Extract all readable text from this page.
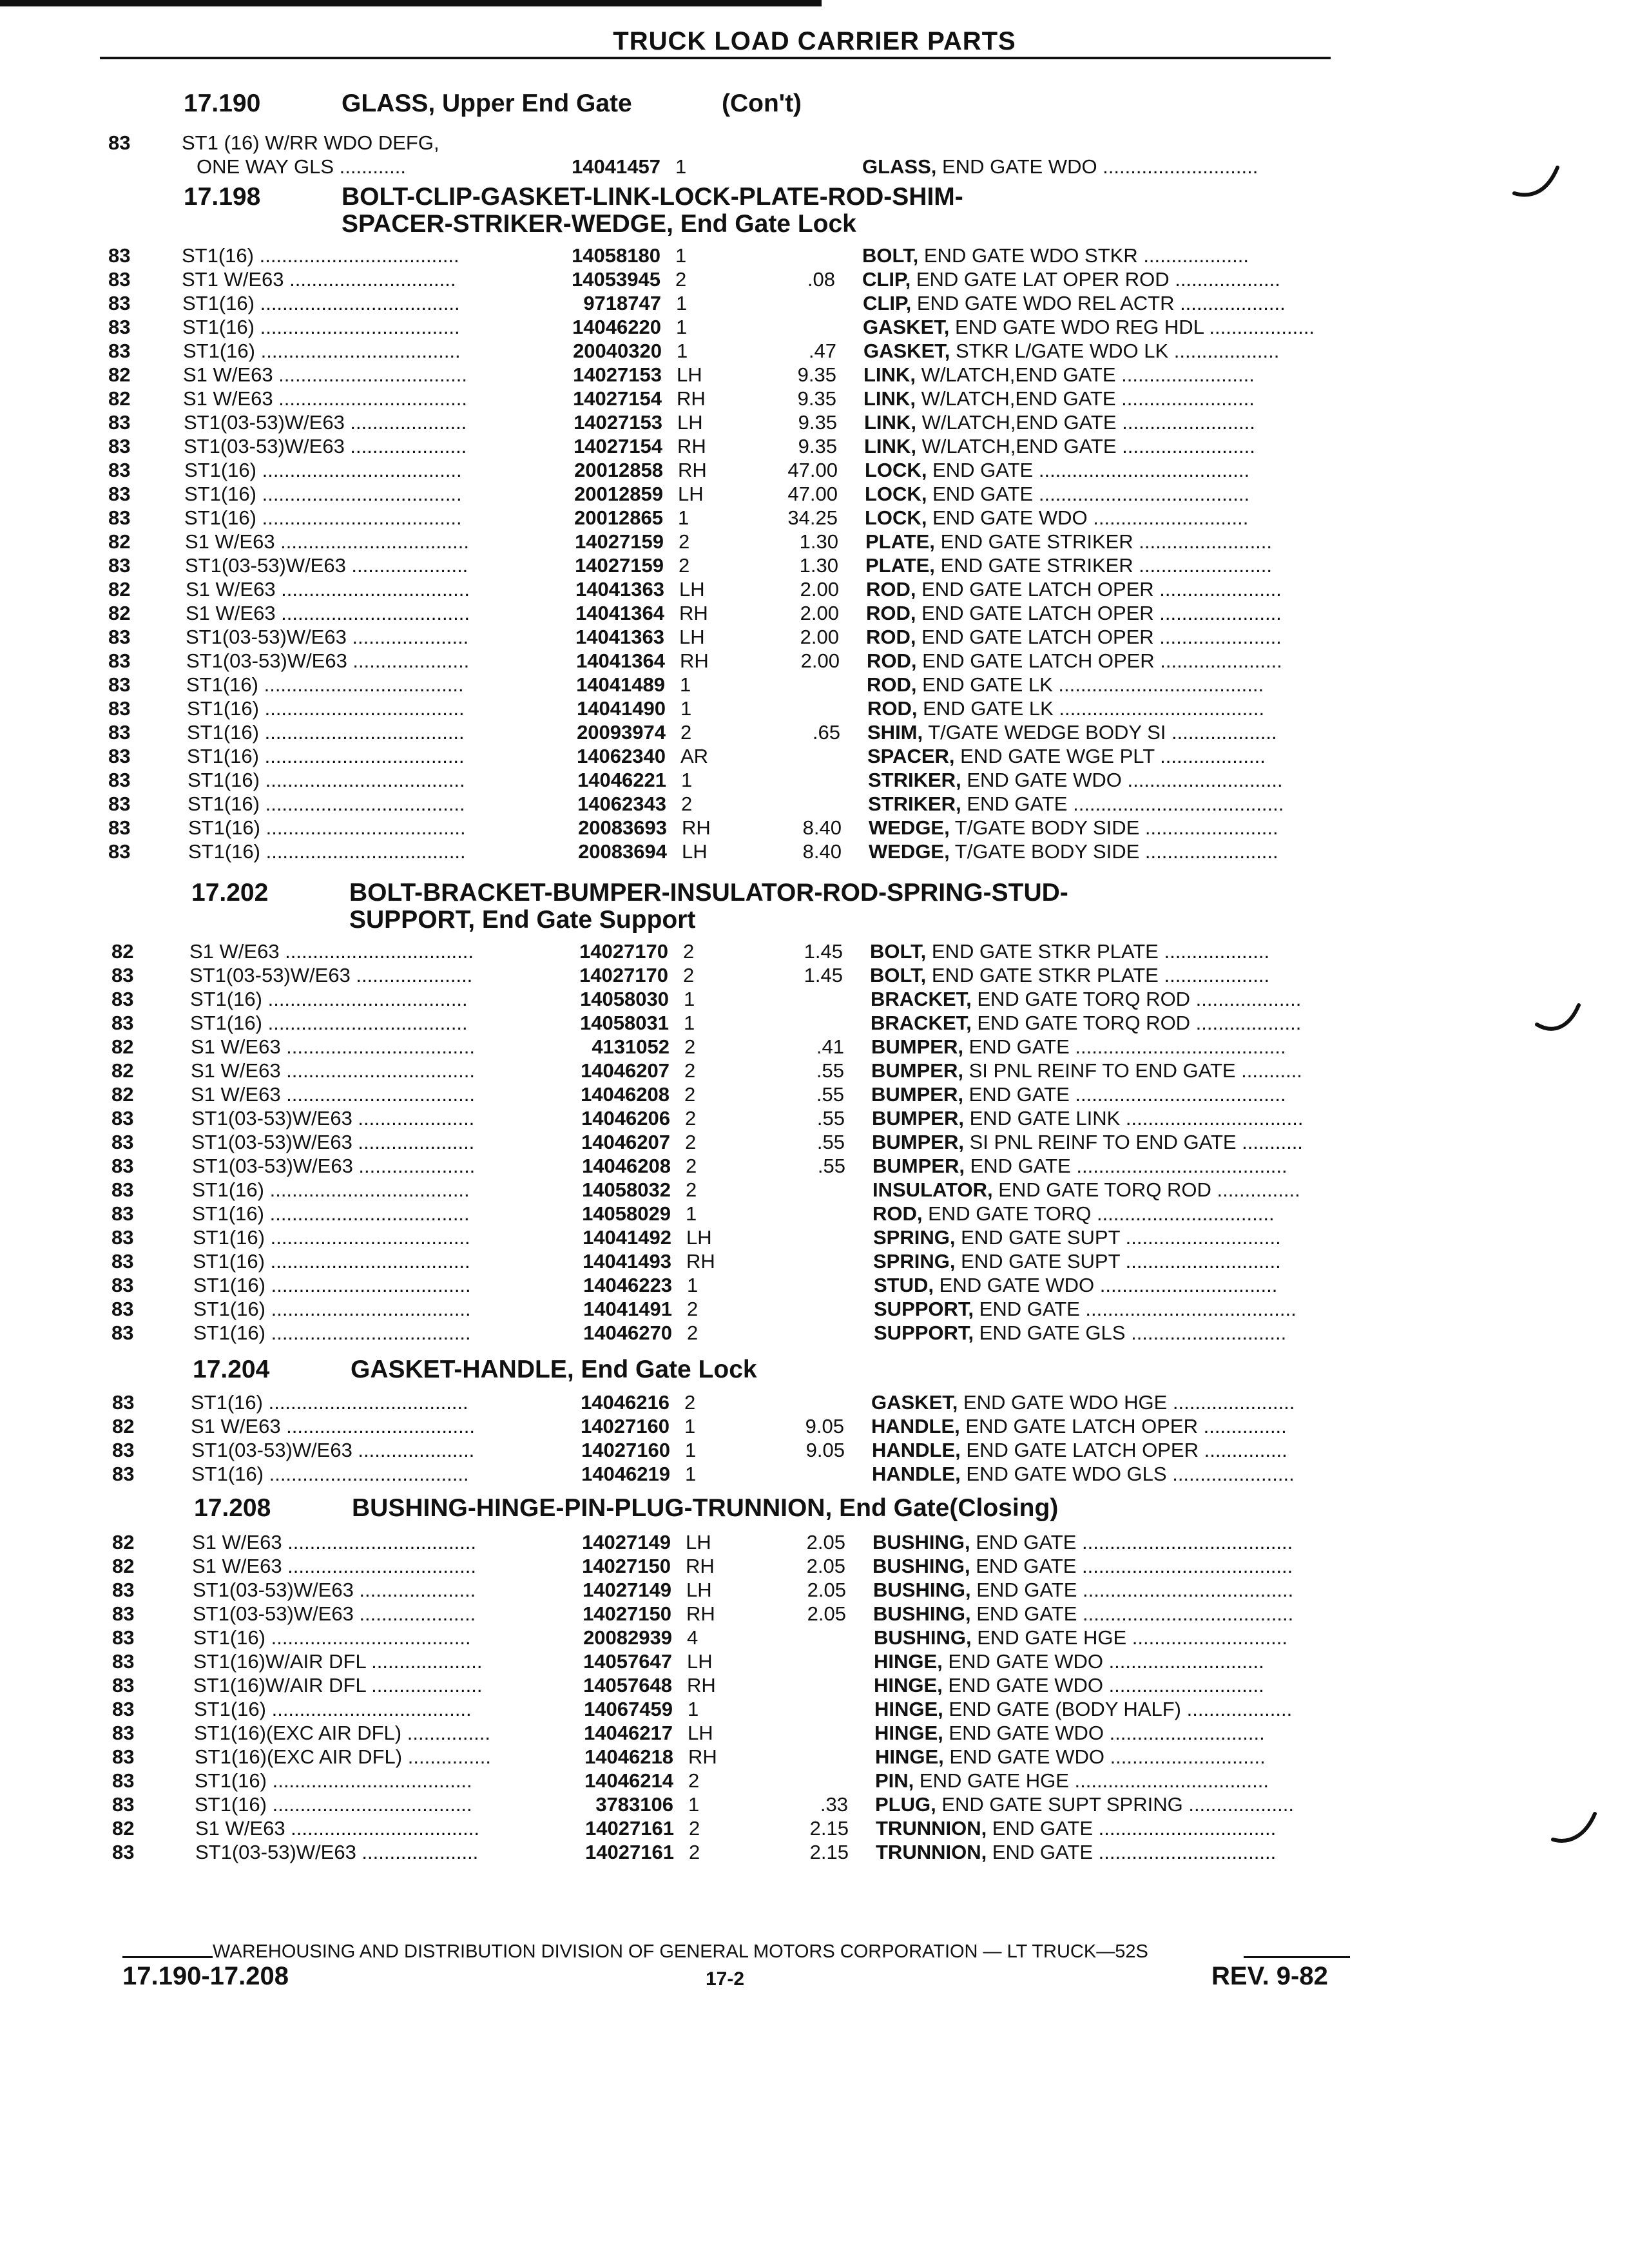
TRUCK LOAD CARRIER PARTS
17.190	GLASS, Upper End Gate	(Con't)
83	ST1 (16) W/RR WDO DEFG,
ONE WAY GLS ............	14041457 1	GLASS, END GATE WDO ............................
17.198	BOLT-CLIP-GASKET-LINK-LOCK-PLATE-ROD-SHIM-
SPACER-STRIKER-WEDGE, End Gate Lock
83	ST1(16) ....................................	14058180 1	BOLT, END GATE WDO STKR ...................
83	ST1 W/E63 ..............................	14053945 2	.08 CLIP, END GATE LAT OPER ROD ...................
83	ST1(16) ....................................	9718747 1	CLIP, END GATE WDO REL ACTR ...................
83	ST1(16) ....................................	14046220 1	GASKET, END GATE WDO REG HDL ...................
83	ST1(16) ....................................	20040320 1	.47 GASKET, STKR L/GATE WDO LK ...................
82	S1 W/E63 ..................................	14027153 LH	9.35 LINK, W/LATCH,END GATE ........................
82	S1 W/E63 ..................................	14027154 RH	9.35 LINK, W/LATCH,END GATE ........................
83	ST1(03-53)W/E63 .....................	14027153 LH	9.35 LINK, W/LATCH,END GATE ........................
83	ST1(03-53)W/E63 .....................	14027154 RH	9.35 LINK, W/LATCH,END GATE ........................
83	ST1(16) ....................................	20012858 RH	47.00 LOCK, END GATE ......................................
83	ST1(16) ....................................	20012859 LH	47.00 LOCK, END GATE ......................................
83	ST1(16) ....................................	20012865 1	34.25 LOCK, END GATE WDO ............................
82	S1 W/E63 ..................................	14027159 2	1.30 PLATE, END GATE STRIKER ........................
83	ST1(03-53)W/E63 .....................	14027159 2	1.30 PLATE, END GATE STRIKER ........................
82	S1 W/E63 ..................................	14041363 LH	2.00 ROD, END GATE LATCH OPER ......................
82	S1 W/E63 ..................................	14041364 RH	2.00 ROD, END GATE LATCH OPER ......................
83	ST1(03-53)W/E63 .....................	14041363 LH	2.00 ROD, END GATE LATCH OPER ......................
83	ST1(03-53)W/E63 .....................	14041364 RH	2.00 ROD, END GATE LATCH OPER ......................
83	ST1(16) ....................................	14041489 1	ROD, END GATE LK .....................................
83	ST1(16) ....................................	14041490 1	ROD, END GATE LK .....................................
83	ST1(16) ....................................	20093974 2	.65 SHIM, T/GATE WEDGE BODY SI ...................
83	ST1(16) ....................................	14062340 AR	SPACER, END GATE WGE PLT ...................
83	ST1(16) ....................................	14046221 1	STRIKER, END GATE WDO ............................
83	ST1(16) ....................................	14062343 2	STRIKER, END GATE ......................................
83	ST1(16) ....................................	20083693 RH	8.40 WEDGE, T/GATE BODY SIDE ........................
83	ST1(16) ....................................	20083694 LH	8.40 WEDGE, T/GATE BODY SIDE ........................
17.202	BOLT-BRACKET-BUMPER-INSULATOR-ROD-SPRING-STUD-
SUPPORT, End Gate Support
82	S1 W/E63 ..................................	14027170 2	1.45 BOLT, END GATE STKR PLATE ...................
83	ST1(03-53)W/E63 .....................	14027170 2	1.45 BOLT, END GATE STKR PLATE ...................
83	ST1(16) ....................................	14058030 1	BRACKET, END GATE TORQ ROD ...................
83	ST1(16) ....................................	14058031 1	BRACKET, END GATE TORQ ROD ...................
82	S1 W/E63 ..................................	4131052 2	.41 BUMPER, END GATE ......................................
82	S1 W/E63 ..................................	14046207 2	.55 BUMPER, SI PNL REINF TO END GATE ...........
82	S1 W/E63 ..................................	14046208 2	.55 BUMPER, END GATE ......................................
83	ST1(03-53)W/E63 .....................	14046206 2	.55 BUMPER, END GATE LINK ................................
83	ST1(03-53)W/E63 .....................	14046207 2	.55 BUMPER, SI PNL REINF TO END GATE ...........
83	ST1(03-53)W/E63 .....................	14046208 2	.55 BUMPER, END GATE ......................................
83	ST1(16) ....................................	14058032 2	INSULATOR, END GATE TORQ ROD ...............
83	ST1(16) ....................................	14058029 1	ROD, END GATE TORQ ................................
83	ST1(16) ....................................	14041492 LH	SPRING, END GATE SUPT ............................
83	ST1(16) ....................................	14041493 RH	SPRING, END GATE SUPT ............................
83	ST1(16) ....................................	14046223 1	STUD, END GATE WDO ................................
83	ST1(16) ....................................	14041491 2	SUPPORT, END GATE ......................................
83	ST1(16) ....................................	14046270 2	SUPPORT, END GATE GLS ............................
17.204	GASKET-HANDLE, End Gate Lock
83	ST1(16) ....................................	14046216 2	GASKET, END GATE WDO HGE ......................
82	S1 W/E63 ..................................	14027160 1	9.05 HANDLE, END GATE LATCH OPER ...............
83	ST1(03-53)W/E63 .....................	14027160 1	9.05 HANDLE, END GATE LATCH OPER ...............
83	ST1(16) ....................................	14046219 1	HANDLE, END GATE WDO GLS ......................
17.208	BUSHING-HINGE-PIN-PLUG-TRUNNION, End Gate(Closing)
82	S1 W/E63 ..................................	14027149 LH	2.05 BUSHING, END GATE ......................................
82	S1 W/E63 ..................................	14027150 RH	2.05 BUSHING, END GATE ......................................
83	ST1(03-53)W/E63 .....................	14027149 LH	2.05 BUSHING, END GATE ......................................
83	ST1(03-53)W/E63 .....................	14027150 RH	2.05 BUSHING, END GATE ......................................
83	ST1(16) ....................................	20082939 4	BUSHING, END GATE HGE ............................
83	ST1(16)W/AIR DFL ....................	14057647 LH	HINGE, END GATE WDO ............................
83	ST1(16)W/AIR DFL ....................	14057648 RH	HINGE, END GATE WDO ............................
83	ST1(16) ....................................	14067459 1	HINGE, END GATE (BODY HALF) ...................
83	ST1(16)(EXC AIR DFL) ...............	14046217 LH	HINGE, END GATE WDO ............................
83	ST1(16)(EXC AIR DFL) ...............	14046218 RH	HINGE, END GATE WDO ............................
83	ST1(16) ....................................	14046214 2	PIN, END GATE HGE ...................................
83	ST1(16) ....................................	3783106 1	.33 PLUG, END GATE SUPT SPRING ...................
82	S1 W/E63 ..................................	14027161 2	2.15 TRUNNION, END GATE ................................
83	ST1(03-53)W/E63 .....................	14027161 2	2.15 TRUNNION, END GATE ................................
WAREHOUSING AND DISTRIBUTION DIVISION OF GENERAL MOTORS CORPORATION — LT TRUCK—52S
17.190-17.208	17-2	REV. 9-82
